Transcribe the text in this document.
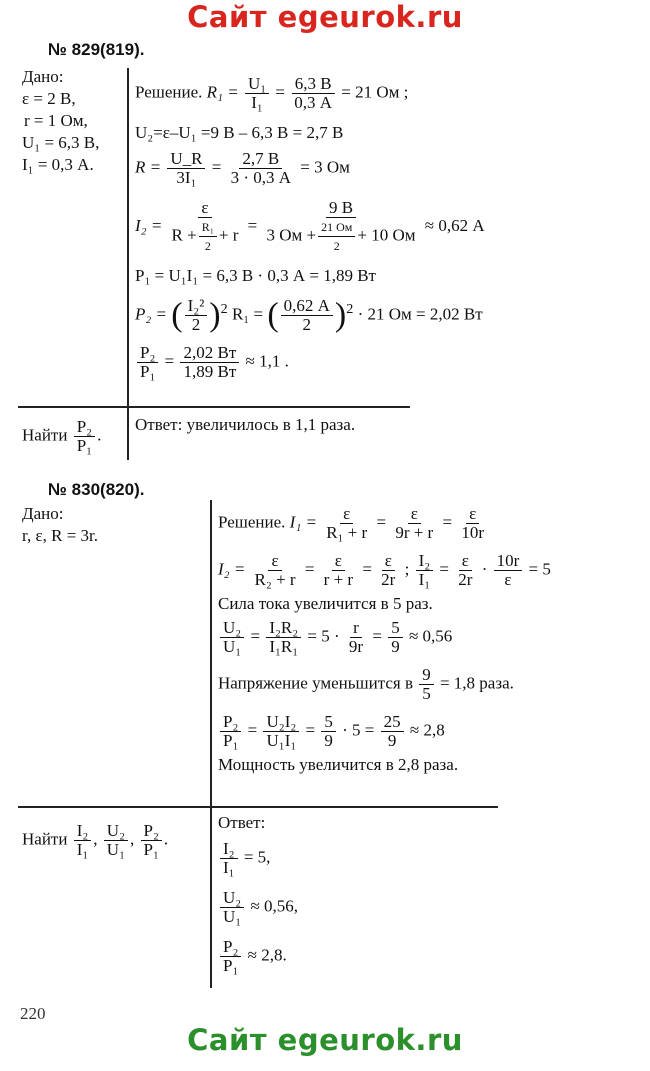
Сайт egeurok.ru
№ 829(819).
Дано:
ε = 2 В,
r = 1 Ом,
U₁ = 6,3 В,
I₁ = 0,3 А.
Решение. $R_1 = \frac{\text{U₁}}{\text{I₁}} = \frac{6,3 В}{0,3 А} = 21$ Ом ;
U₂=ε–U₁ =9 В – 6,3 В = 2,7 В
$R = \frac{U\_R}{\text{3I₁}} = \frac{2,7 В}{3 \cdot 0,3 А} = 3$ Ом
$I_2 = \frac{\varepsilon}{R + \frac{\text{R₁}}{2} + r} = \frac{9 В}{3 Ом + \frac{21 Ом}{2} + 10 Ом} \approx 0,62$ А
P₁ = U₁I₁ = 6,3 В · 0,3 А = 1,89 Вт
P₂ = ( $\frac{\text{I₂²}}{2} )^2$ R₁ = ( $\frac{0,62 А}{2} )^2 \cdot 21$ Ом = 2,02 Вт
$\frac{\text{P₂}}{\text{P₁}} = \frac{2,02 Вт}{1,89 Вт} \approx 1,1$ .
Найти $\frac{\text{P₂}}{\text{P₁}}$ .
Ответ: увеличилось в 1,1 раза.
№ 830(820).
Дано:
r, ε, R = 3r.
Решение. $I_1 = \frac{\varepsilon}{\text{R₁ + r}} = \frac{\varepsilon}{9r + r} = \frac{\varepsilon}{10r}$
$I_2 = \frac{\varepsilon}{\text{R₂ + r}} = \frac{\varepsilon}{r + r} = \frac{\varepsilon}{2r}$ ; $\frac{\text{I₂}}{\text{I₁}} = \frac{\varepsilon}{2r} \cdot \frac{10r}{\varepsilon} = 5$
Сила тока увеличится в 5 раз.
$\frac{\text{U₂}}{\text{U₁}} = \frac{\text{I₂R₂}}{\text{I₁R₁}} = 5 \cdot \frac{r}{9r} = \frac{5}{9} \approx 0,56$
Напряжение уменьшится в $\frac{9}{5} = 1,8$ раза.
$\frac{\text{P₂}}{\text{P₁}} = \frac{\text{U₂I₂}}{\text{U₁I₁}} = \frac{5}{9} \cdot 5 = \frac{25}{9} \approx 2,8$
Мощность увеличится в 2,8 раза.
Найти $\frac{\text{I₂}}{\text{I₁}}$ , $\frac{\text{U₂}}{\text{U₁}}$ , $\frac{\text{P₂}}{\text{P₁}}$ .
Ответ:
$\frac{\text{I₂}}{\text{I₁}} = 5$,
$\frac{\text{U₂}}{\text{U₁}} \approx 0,56$,
$\frac{\text{P₂}}{\text{P₁}} \approx 2,8$.
220
Сайт egeurok.ru
